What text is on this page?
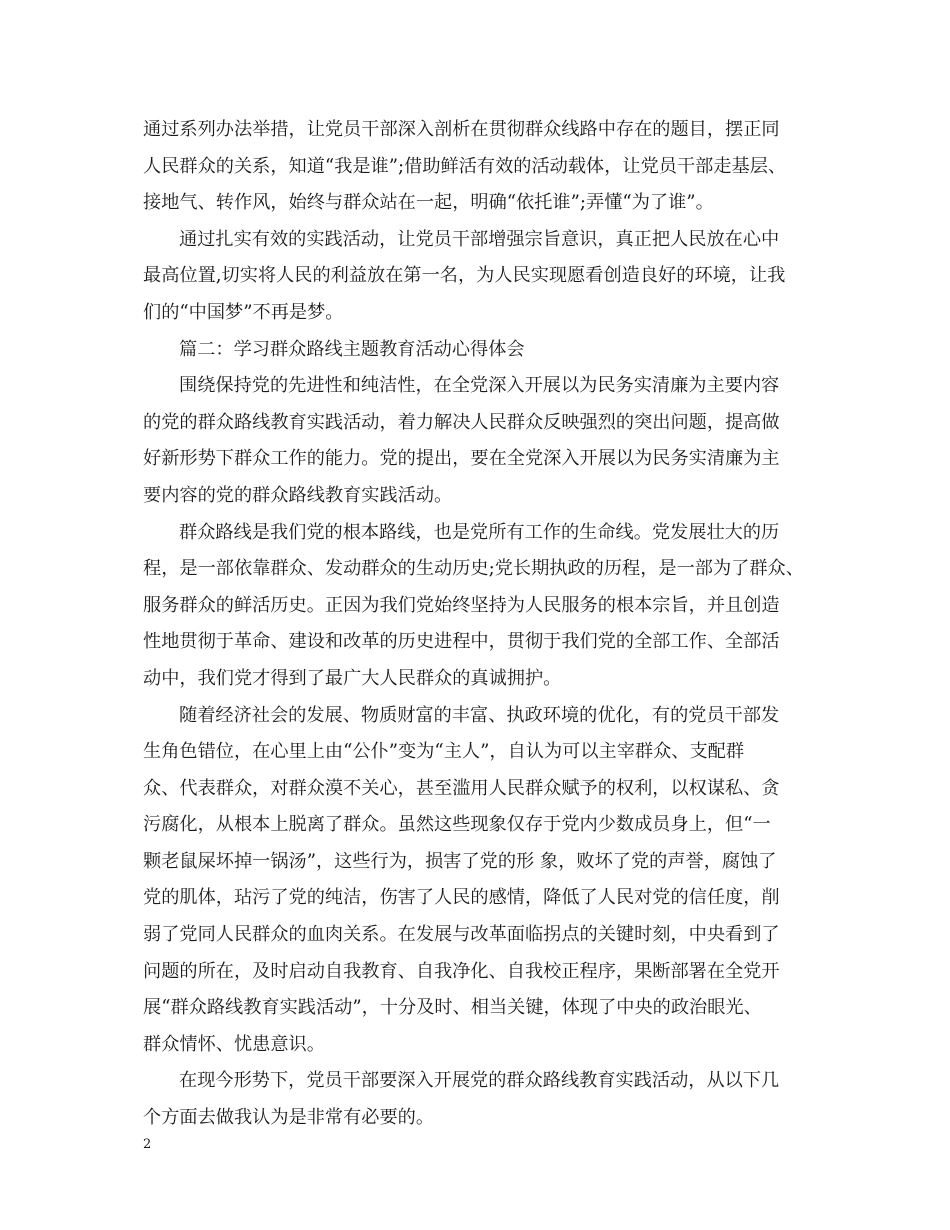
通过系列办法举措，让党员干部深入剖析在贯彻群众线路中存在的题目，摆正同
人民群众的关系，知道“我是谁”;借助鲜活有效的活动载体，让党员干部走基层、
接地气、转作风，始终与群众站在一起，明确“依托谁”;弄懂“为了谁”。
通过扎实有效的实践活动，让党员干部增强宗旨意识，真正把人民放在心中
最高位置,切实将人民的利益放在第一名，为人民实现愿看创造良好的环境，让我
们的“中国梦”不再是梦。
篇二：学习群众路线主题教育活动心得体会
围绕保持党的先进性和纯洁性，在全党深入开展以为民务实清廉为主要内容
的党的群众路线教育实践活动，着力解决人民群众反映强烈的突出问题，提高做
好新形势下群众工作的能力。党的提出，要在全党深入开展以为民务实清廉为主
要内容的党的群众路线教育实践活动。
群众路线是我们党的根本路线，也是党所有工作的生命线。党发展壮大的历
程，是一部依靠群众、发动群众的生动历史;党长期执政的历程，是一部为了群众、
服务群众的鲜活历史。正因为我们党始终坚持为人民服务的根本宗旨，并且创造
性地贯彻于革命、建设和改革的历史进程中，贯彻于我们党的全部工作、全部活
动中，我们党才得到了最广大人民群众的真诚拥护。
随着经济社会的发展、物质财富的丰富、执政环境的优化，有的党员干部发
生角色错位，在心里上由“公仆”变为“主人”，自认为可以主宰群众、支配群
众、代表群众，对群众漠不关心，甚至滥用人民群众赋予的权利，以权谋私、贪
污腐化，从根本上脱离了群众。虽然这些现象仅存于党内少数成员身上，但“一
颗老鼠屎坏掉一锅汤”，这些行为，损害了党的形 象，败坏了党的声誉，腐蚀了
党的肌体，玷污了党的纯洁，伤害了人民的感情，降低了人民对党的信任度，削
弱了党同人民群众的血肉关系。在发展与改革面临拐点的关键时刻，中央看到了
问题的所在，及时启动自我教育、自我净化、自我校正程序，果断部署在全党开
展“群众路线教育实践活动”，十分及时、相当关键，体现了中央的政治眼光、
群众情怀、忧患意识。
在现今形势下，党员干部要深入开展党的群众路线教育实践活动，从以下几
个方面去做我认为是非常有必要的。
2
